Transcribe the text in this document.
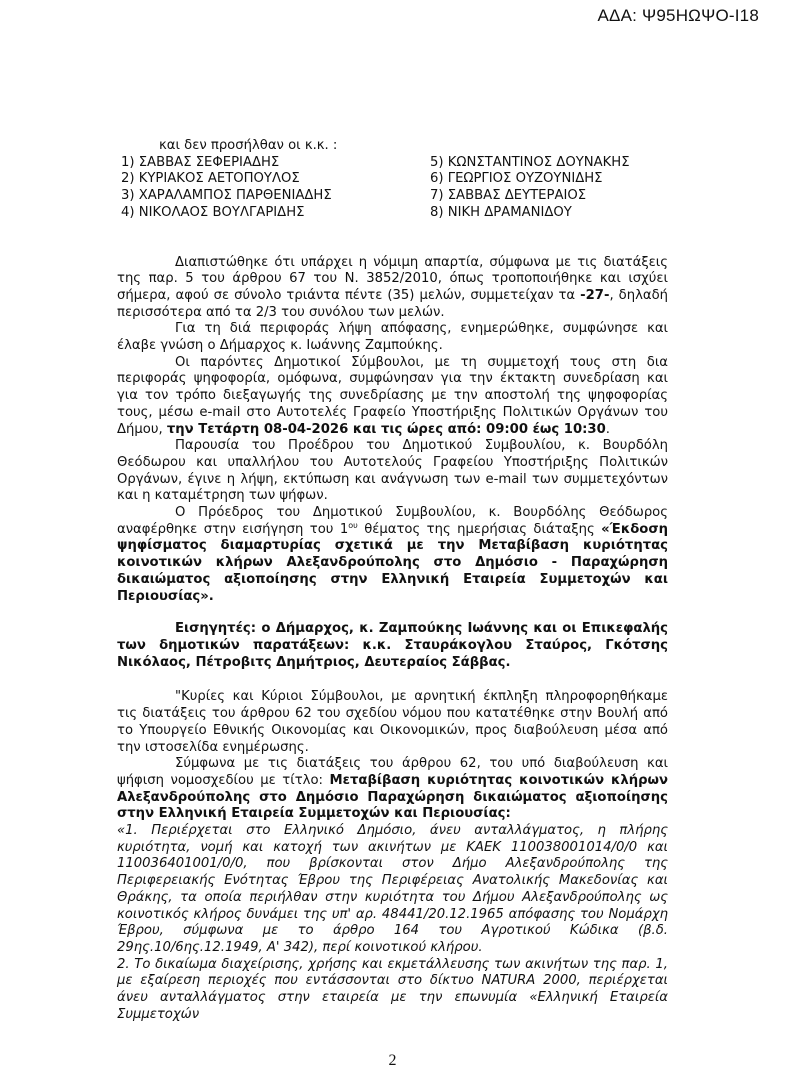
ΑΔΑ: Ψ95ΗΩΨΟ-Ι18

και δεν προσήλθαν οι κ.κ. :

1) ΣΑΒΒΑΣ ΣΕΦΕΡΙΑΔΗΣ	5) ΚΩΝΣΤΑΝΤΙΝΟΣ ΔΟΥΝΑΚΗΣ
2) ΚΥΡΙΑΚΟΣ ΑΕΤΟΠΟΥΛΟΣ	6) ΓΕΩΡΓΙΟΣ ΟΥΖΟΥΝΙΔΗΣ
3) ΧΑΡΑΛΑΜΠΟΣ ΠΑΡΘΕΝΙΑΔΗΣ	7) ΣΑΒΒΑΣ ΔΕΥΤΕΡΑΙΟΣ
4) ΝΙΚΟΛΑΟΣ ΒΟΥΛΓΑΡΙΔΗΣ	8) ΝΙΚΗ ΔΡΑΜΑΝΙΔΟΥ

Διαπιστώθηκε ότι υπάρχει η νόμιμη απαρτία, σύμφωνα με τις διατάξεις της παρ. 5 του άρθρου 67 του Ν. 3852/2010, όπως τροποποιήθηκε και ισχύει σήμερα, αφού σε σύνολο τριάντα πέντε (35) μελών, συμμετείχαν τα -27-, δηλαδή περισσότερα από τα 2/3 του συνόλου των μελών.

Για τη διά περιφοράς λήψη απόφασης, ενημερώθηκε, συμφώνησε και έλαβε γνώση ο Δήμαρχος κ. Ιωάννης Ζαμπούκης.

Οι παρόντες Δημοτικοί Σύμβουλοι, με τη συμμετοχή τους στη δια περιφοράς ψηφοφορία, ομόφωνα, συμφώνησαν για την έκτακτη συνεδρίαση και για τον τρόπο διεξαγωγής της συνεδρίασης με την αποστολή της ψηφοφορίας τους, μέσω e-mail στο Αυτοτελές Γραφείο Υποστήριξης Πολιτικών Οργάνων του Δήμου, την Τετάρτη 08-04-2026 και τις ώρες από: 09:00 έως 10:30.

Παρουσία του Προέδρου του Δημοτικού Συμβουλίου, κ. Βουρδόλη Θεόδωρου και υπαλλήλου του Αυτοτελούς Γραφείου Υποστήριξης Πολιτικών Οργάνων, έγινε η λήψη, εκτύπωση και ανάγνωση των e-mail των συμμετεχόντων και η καταμέτρηση των ψήφων.

Ο Πρόεδρος του Δημοτικού Συμβουλίου, κ. Βουρδόλης Θεόδωρος αναφέρθηκε στην εισήγηση του $1^{o\upsilon}$ θέματος της ημερήσιας διάταξης «Έκδοση ψηφίσματος διαμαρτυρίας σχετικά με την Μεταβίβαση κυριότητας κοινοτικών κλήρων Αλεξανδρούπολης στο Δημόσιο - Παραχώρηση δικαιώματος αξιοποίησης στην Ελληνική Εταιρεία Συμμετοχών και Περιουσίας».

Εισηγητές: ο Δήμαρχος, κ. Ζαμπούκης Ιωάννης και οι Επικεφαλής των δημοτικών παρατάξεων: κ.κ. Σταυράκογλου Σταύρος, Γκότσης Νικόλαος, Πέτροβιτς Δημήτριος, Δευτεραίος Σάββας.

"Κυρίες και Κύριοι Σύμβουλοι, με αρνητική έκπληξη πληροφορηθήκαμε τις διατάξεις του άρθρου 62 του σχεδίου νόμου που κατατέθηκε στην Βουλή από το Υπουργείο Εθνικής Οικονομίας και Οικονομικών, προς διαβούλευση μέσα από την ιστοσελίδα ενημέρωσης.

Σύμφωνα με τις διατάξεις του άρθρου 62, του υπό διαβούλευση και ψήφιση νομοσχεδίου με τίτλο: Μεταβίβαση κυριότητας κοινοτικών κλήρων Αλεξανδρούπολης στο Δημόσιο Παραχώρηση δικαιώματος αξιοποίησης στην Ελληνική Εταιρεία Συμμετοχών και Περιουσίας:

«1. Περιέρχεται στο Ελληνικό Δημόσιο, άνευ ανταλλάγματος, η πλήρης κυριότητα, νομή και κατοχή των ακινήτων με ΚΑΕΚ 110038001014/0/0 και 110036401001/0/0, που βρίσκονται στον Δήμο Αλεξανδρούπολης της Περιφερειακής Ενότητας Έβρου της Περιφέρειας Ανατολικής Μακεδονίας και Θράκης, τα οποία περιήλθαν στην κυριότητα του Δήμου Αλεξανδρούπολης ως κοινοτικός κλήρος δυνάμει της υπ' αρ. 48441/20.12.1965 απόφασης του Νομάρχη Έβρου, σύμφωνα με το άρθρο 164 του Αγροτικού Κώδικα (β.δ. 29ης.10/6ης.12.1949, Α' 342), περί κοινοτικού κλήρου.

2. Το δικαίωμα διαχείρισης, χρήσης και εκμετάλλευσης των ακινήτων της παρ. 1, με εξαίρεση περιοχές που εντάσσονται στο δίκτυο NATURA 2000, περιέρχεται άνευ ανταλλάγματος στην εταιρεία με την επωνυμία «Ελληνική Εταιρεία Συμμετοχών

2
